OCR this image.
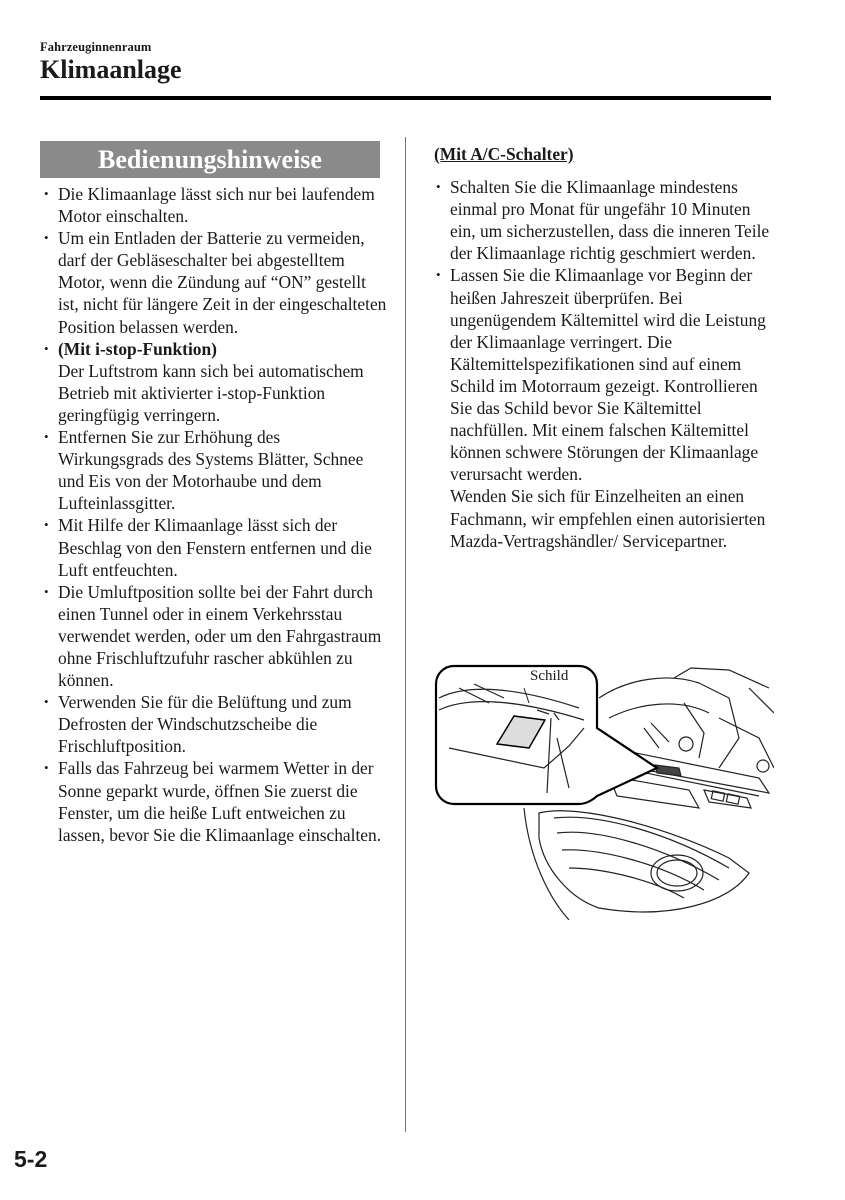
Fahrzeuginnenraum
Klimaanlage
Bedienungshinweise
• Die Klimaanlage lässt sich nur bei laufendem Motor einschalten.
• Um ein Entladen der Batterie zu vermeiden, darf der Gebläseschalter bei abgestelltem Motor, wenn die Zündung auf “ON” gestellt ist, nicht für längere Zeit in der eingeschalteten Position belassen werden.
• (Mit i-stop-Funktion)
Der Luftstrom kann sich bei automatischem Betrieb mit aktivierter i-stop-Funktion geringfügig verringern.
• Entfernen Sie zur Erhöhung des Wirkungsgrads des Systems Blätter, Schnee und Eis von der Motorhaube und dem Lufteinlassgitter.
• Mit Hilfe der Klimaanlage lässt sich der Beschlag von den Fenstern entfernen und die Luft entfeuchten.
• Die Umluftposition sollte bei der Fahrt durch einen Tunnel oder in einem Verkehrsstau verwendet werden, oder um den Fahrgastraum ohne Frischluftzufuhr rascher abkühlen zu können.
• Verwenden Sie für die Belüftung und zum Defrosten der Windschutzscheibe die Frischluftposition.
• Falls das Fahrzeug bei warmem Wetter in der Sonne geparkt wurde, öffnen Sie zuerst die Fenster, um die heiße Luft entweichen zu lassen, bevor Sie die Klimaanlage einschalten.
(Mit A/C-Schalter)
• Schalten Sie die Klimaanlage mindestens einmal pro Monat für ungefähr 10 Minuten ein, um sicherzustellen, dass die inneren Teile der Klimaanlage richtig geschmiert werden.
• Lassen Sie die Klimaanlage vor Beginn der heißen Jahreszeit überprüfen. Bei ungenügendem Kältemittel wird die Leistung der Klimaanlage verringert. Die Kältemittelspezifikationen sind auf einem Schild im Motorraum gezeigt. Kontrollieren Sie das Schild bevor Sie Kältemittel nachfüllen. Mit einem falschen Kältemittel können schwere Störungen der Klimaanlage verursacht werden.
Wenden Sie sich für Einzelheiten an einen Fachmann, wir empfehlen einen autorisierten Mazda-Vertragshändler/ Servicepartner.
Schild
5-2
